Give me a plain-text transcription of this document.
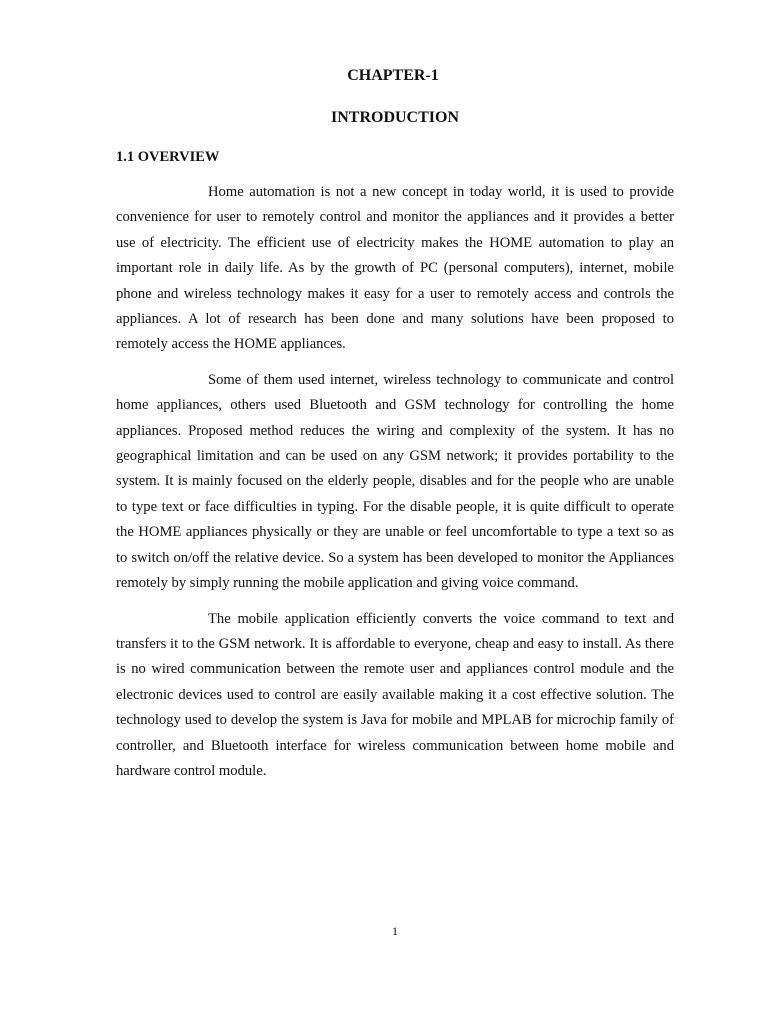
CHAPTER-1
INTRODUCTION
1.1 OVERVIEW

Home automation is not a new concept in today world, it is used to provide convenience for user to remotely control and monitor the appliances and it provides a better use of electricity. The efficient use of electricity makes the HOME automation to play an important role in daily life. As by the growth of PC (personal computers), internet, mobile phone and wireless technology makes it easy for a user to remotely access and controls the appliances. A lot of research has been done and many solutions have been proposed to remotely access the HOME appliances.

Some of them used internet, wireless technology to communicate and control home appliances, others used Bluetooth and GSM technology for controlling the home appliances. Proposed method reduces the wiring and complexity of the system. It has no geographical limitation and can be used on any GSM network; it provides portability to the system. It is mainly focused on the elderly people, disables and for the people who are unable to type text or face difficulties in typing. For the disable people, it is quite difficult to operate the HOME appliances physically or they are unable or feel uncomfortable to type a text so as to switch on/off the relative device. So a system has been developed to monitor the Appliances remotely by simply running the mobile application and giving voice command.

The mobile application efficiently converts the voice command to text and transfers it to the GSM network. It is affordable to everyone, cheap and easy to install. As there is no wired communication between the remote user and appliances control module and the electronic devices used to control are easily available making it a cost effective solution. The technology used to develop the system is Java for mobile and MPLAB for microchip family of controller, and Bluetooth interface for wireless communication between home mobile and hardware control module.

1
